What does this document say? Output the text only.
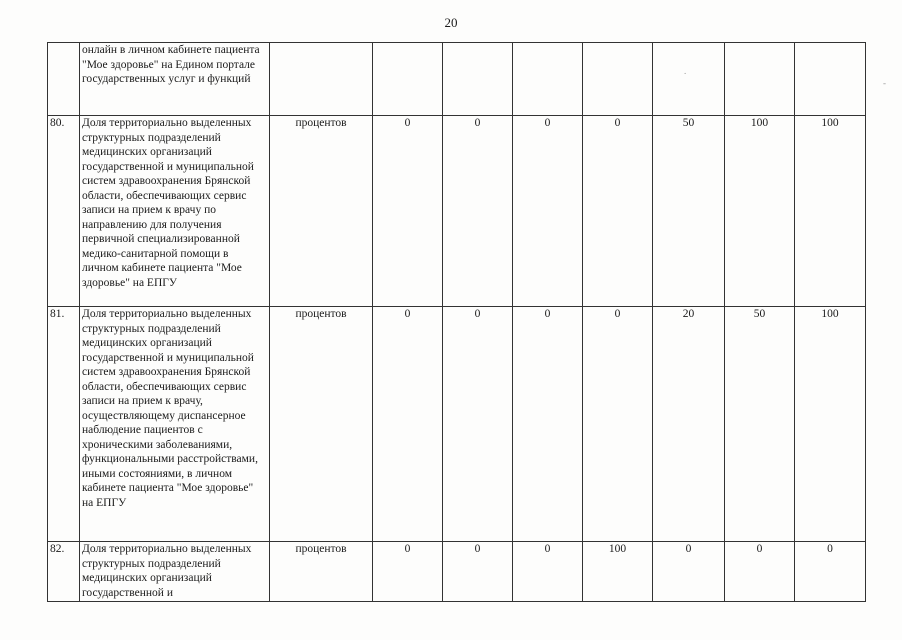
20
	онлайн в личном кабинете пациента "Мое здоровье" на Едином портале государственных услуг и функций								
80.	Доля территориально выделенных структурных подразделений медицинских организаций государственной и муниципальной систем здравоохранения Брянской области, обеспечивающих сервис записи на прием к врачу по направлению для получения первичной специализированной медико-санитарной помощи в личном кабинете пациента "Мое здоровье" на ЕПГУ	процентов	0	0	0	0	50	100	100
81.	Доля территориально выделенных структурных подразделений медицинских организаций государственной и муниципальной систем здравоохранения Брянской области, обеспечивающих сервис записи на прием к врачу, осуществляющему диспансерное наблюдение пациентов с хроническими заболеваниями, функциональными расстройствами, иными состояниями, в личном кабинете пациента "Мое здоровье" на ЕПГУ	процентов	0	0	0	0	20	50	100
82.	Доля территориально выделенных структурных подразделений медицинских организаций государственной и	процентов	0	0	0	100	0	0	0
.
-
